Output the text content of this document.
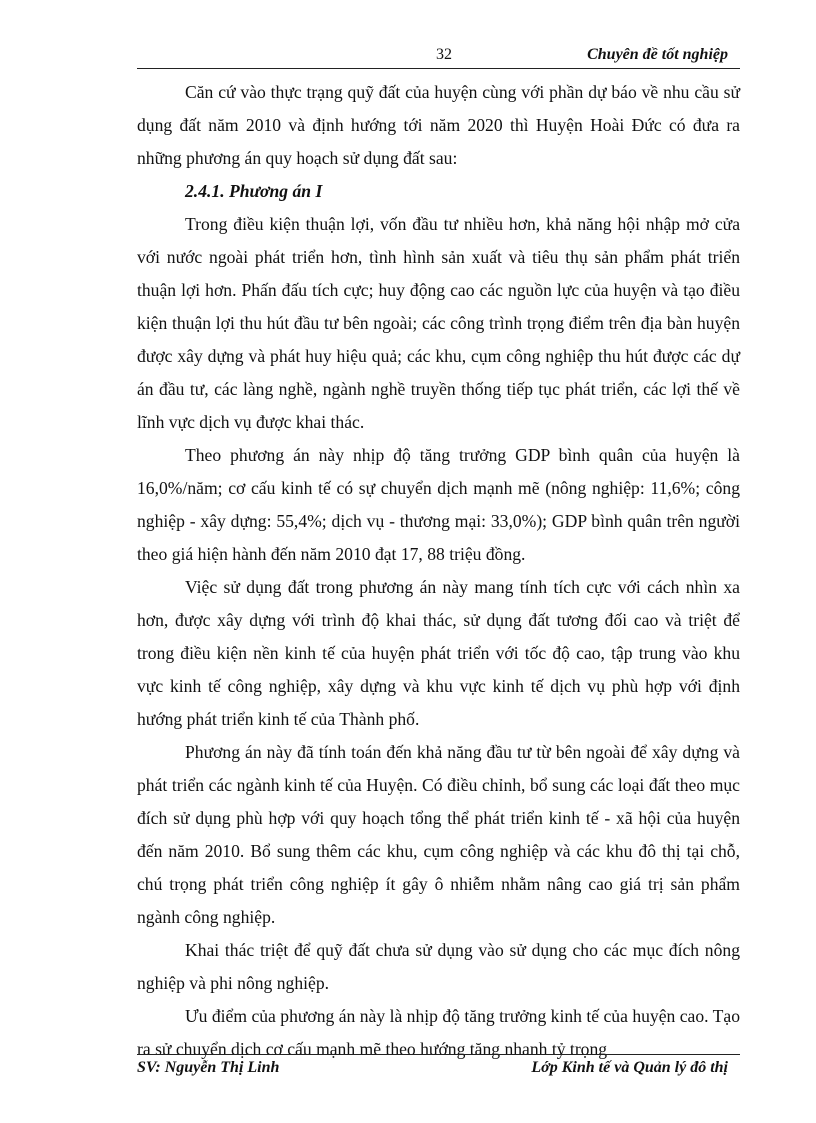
32	Chuyên đề tốt nghiệp

Căn cứ vào thực trạng quỹ đất của huyện cùng với phần dự báo về nhu cầu sử dụng đất năm 2010 và định hướng tới năm 2020 thì Huyện Hoài Đức có đưa ra những phương án quy hoạch sử dụng đất sau:

2.4.1. Phương án I

Trong điều kiện thuận lợi, vốn đầu tư nhiều hơn, khả năng hội nhập mở cửa với nước ngoài phát triển hơn, tình hình sản xuất và tiêu thụ sản phẩm phát triển thuận lợi hơn. Phấn đấu tích cực; huy động cao các nguồn lực của huyện và tạo điều kiện thuận lợi thu hút đầu tư bên ngoài; các công trình trọng điểm trên địa bàn huyện được xây dựng và phát huy hiệu quả; các khu, cụm công nghiệp thu hút được các dự án đầu tư, các làng nghề, ngành nghề truyền thống tiếp tục phát triển, các lợi thế về lĩnh vực dịch vụ được khai thác.

Theo phương án này nhịp độ tăng trưởng GDP bình quân của huyện là 16,0%/năm; cơ cấu kinh tế có sự chuyển dịch mạnh mẽ (nông nghiệp: 11,6%; công nghiệp - xây dựng: 55,4%; dịch vụ - thương mại: 33,0%); GDP bình quân trên người theo giá hiện hành đến năm 2010 đạt 17, 88 triệu đồng.

Việc sử dụng đất trong phương án này mang tính tích cực với cách nhìn xa hơn, được xây dựng với trình độ khai thác, sử dụng đất tương đối cao và triệt để trong điều kiện nền kinh tế của huyện phát triển với tốc độ cao, tập trung vào khu vực kinh tế công nghiệp, xây dựng và khu vực kinh tế dịch vụ phù hợp với định hướng phát triển kinh tế của Thành phố.

Phương án này đã tính toán đến khả năng đầu tư từ bên ngoài để xây dựng và phát triển các ngành kinh tế của Huyện. Có điều chỉnh, bổ sung các loại đất theo mục đích sử dụng phù hợp với quy hoạch tổng thể phát triển kinh tế - xã hội của huyện đến năm 2010. Bổ sung thêm các khu, cụm công nghiệp và các khu đô thị tại chỗ, chú trọng phát triển công nghiệp ít gây ô nhiễm nhằm nâng cao giá trị sản phẩm ngành công nghiệp.

Khai thác triệt để quỹ đất chưa sử dụng vào sử dụng cho các mục đích nông nghiệp và phi nông nghiệp.

Ưu điểm của phương án này là nhịp độ tăng trưởng kinh tế của huyện cao. Tạo ra sử chuyển dịch cơ cấu mạnh mẽ theo hướng tăng nhanh tỷ trọng

SV: Nguyễn Thị Linh	Lớp Kinh tế và Quản lý đô thị
